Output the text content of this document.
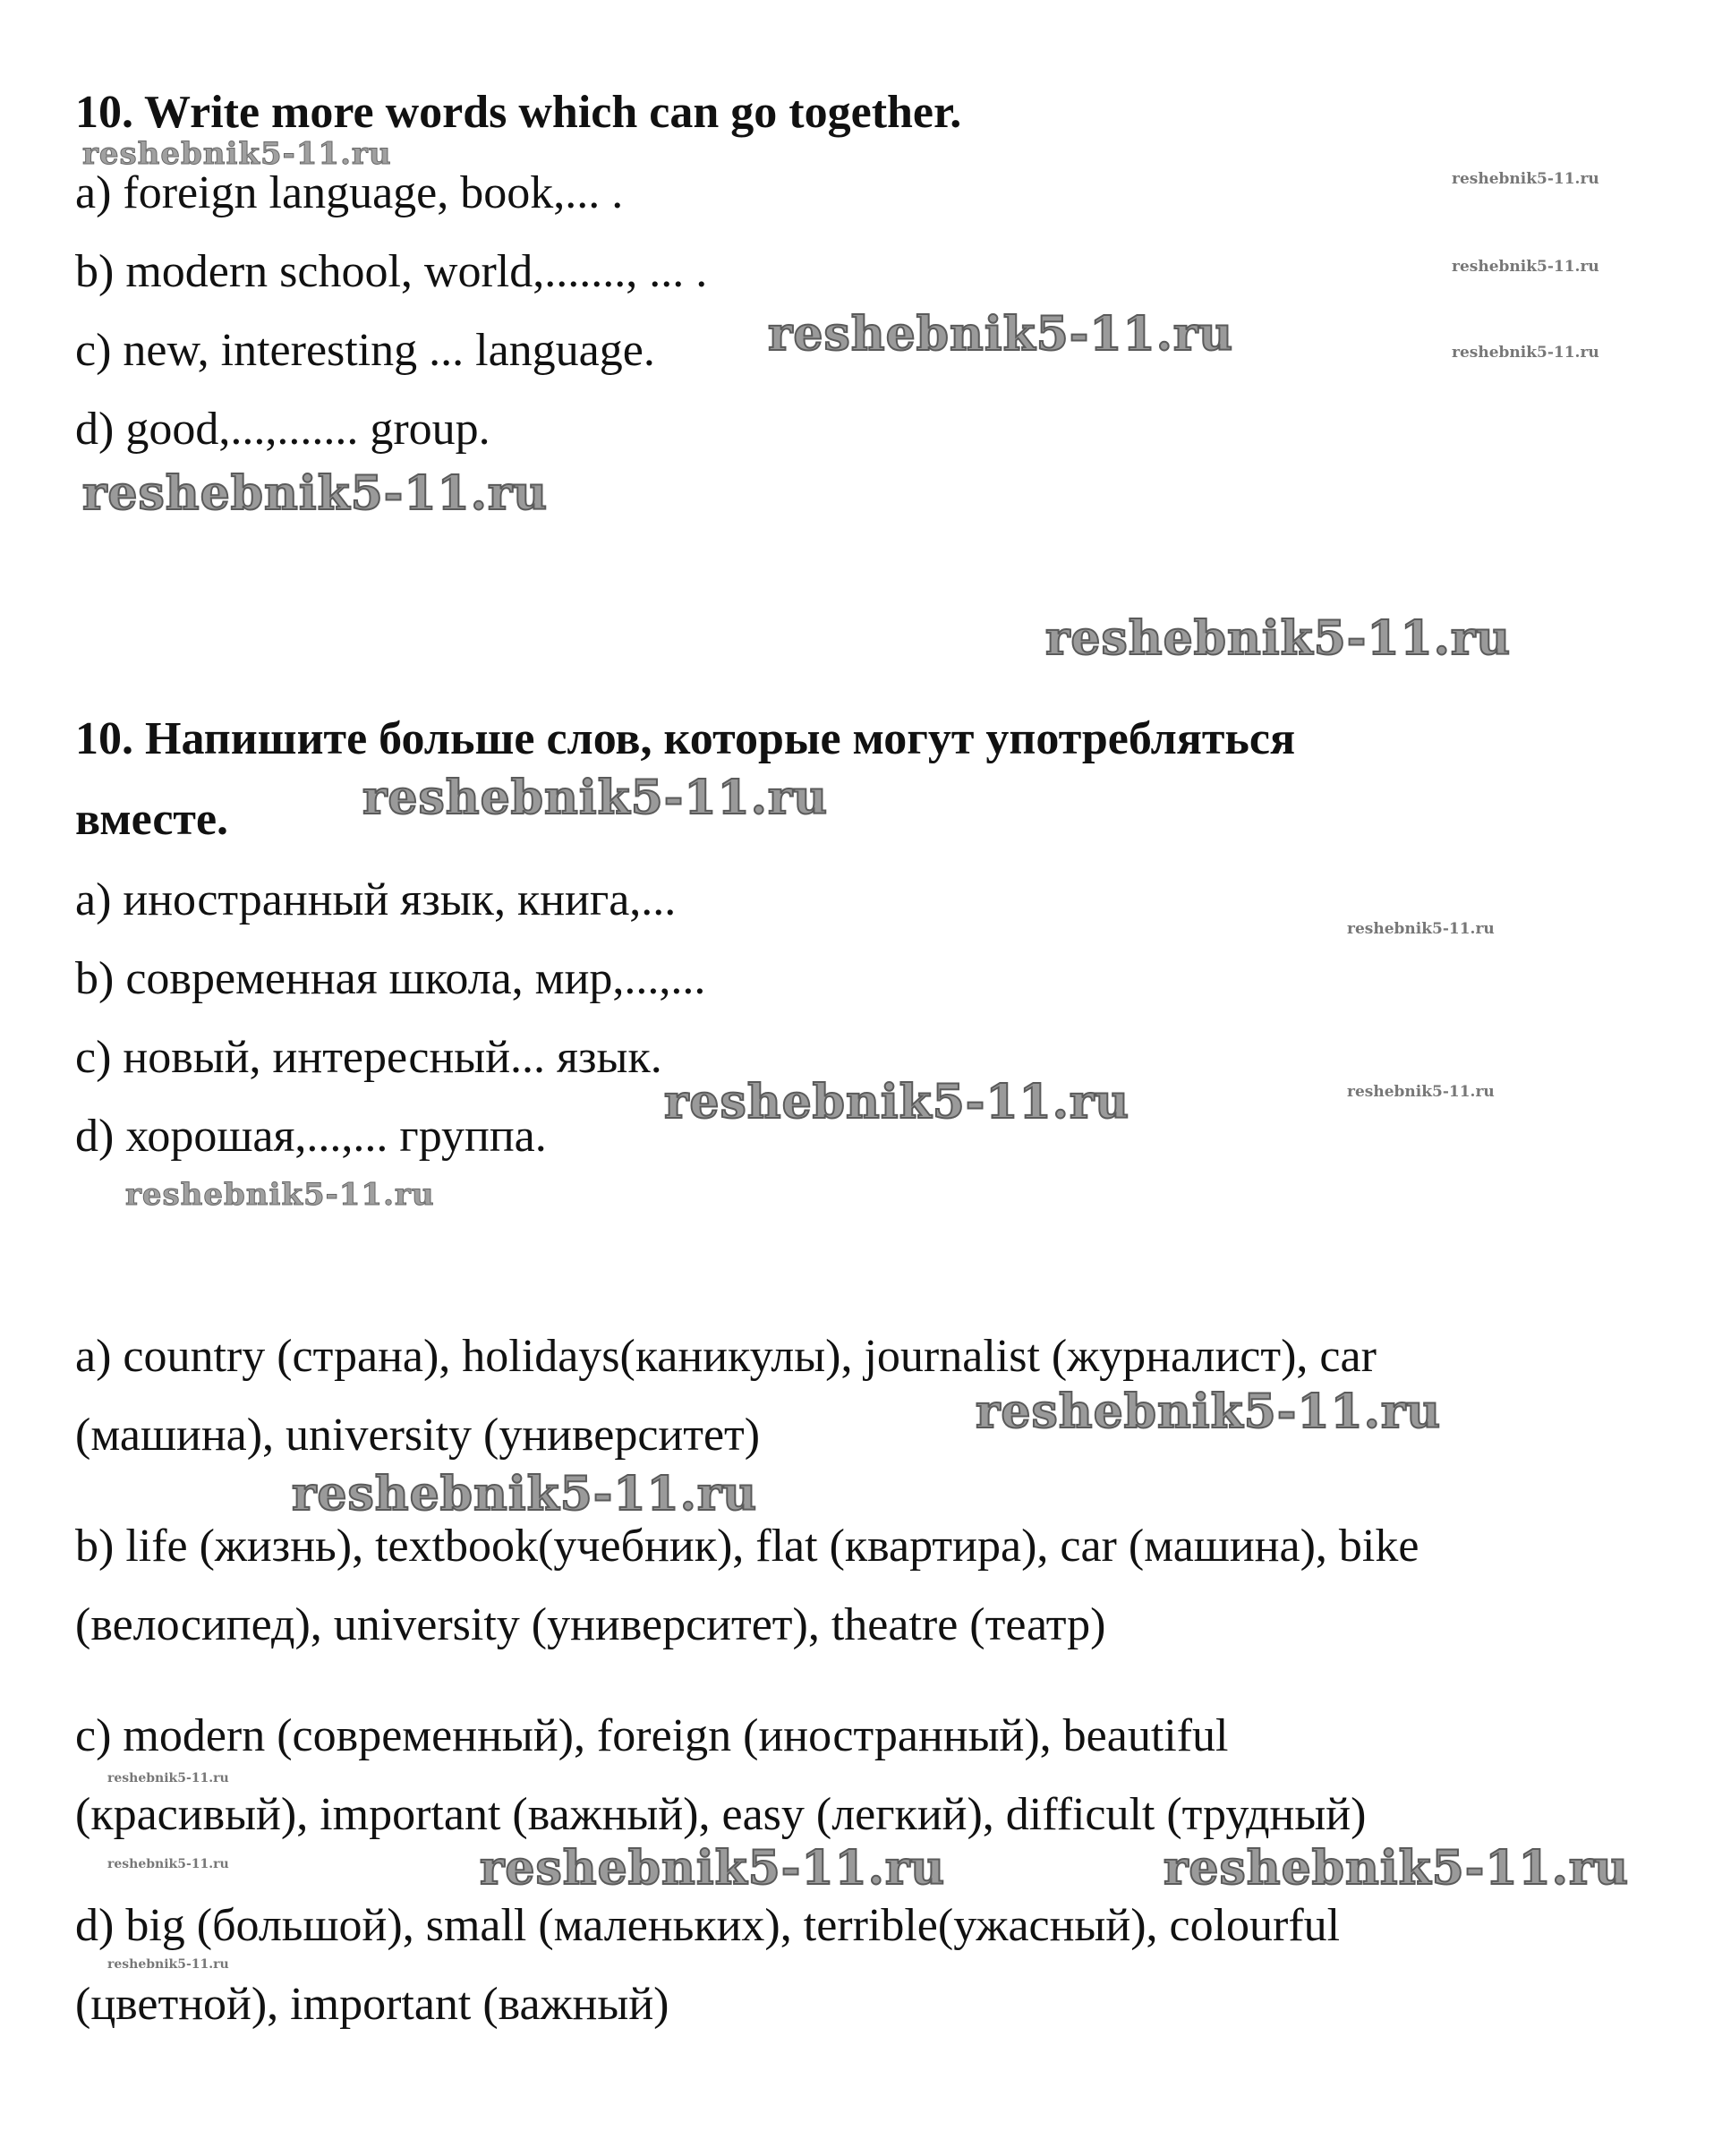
10. Write more words which can go together.

a) foreign language, book,... .

b) modern school, world,......., ... .

c) new, interesting ... language.

d) good,...,....... group.

10. Напишите больше слов, которые могут употребляться

вместе.

a) иностранный язык, книга,...

b) современная школа, мир,...,...

c) новый, интересный... язык.

d) хорошая,...,... группа.

a) country (страна), holidays(каникулы), journalist (журналист), car

(машина), university (университет)

b) life (жизнь), textbook(учебник), flat (квартира), car (машина), bike

(велосипед), university (университет), theatre (театр)

c) modern (современный), foreign (иностранный), beautiful

(красивый), important (важный), easy (легкий), difficult (трудный)

d) big (большой), small (маленьких), terrible(ужасный), colourful

(цветной), important (важный)

reshebnik5-11.ru

reshebnik5-11.ru

reshebnik5-11.ru

reshebnik5-11.ru	reshebnik5-11.ru

reshebnik5-11.ru

reshebnik5-11.ru

reshebnik5-11.ru

reshebnik5-11.ru

reshebnik5-11.ru	reshebnik5-11.ru

reshebnik5-11.ru

reshebnik5-11.ru

reshebnik5-11.ru

reshebnik5-11.ru

reshebnik5-11.ru	reshebnik5-11.ru	reshebnik5-11.ru

reshebnik5-11.ru
